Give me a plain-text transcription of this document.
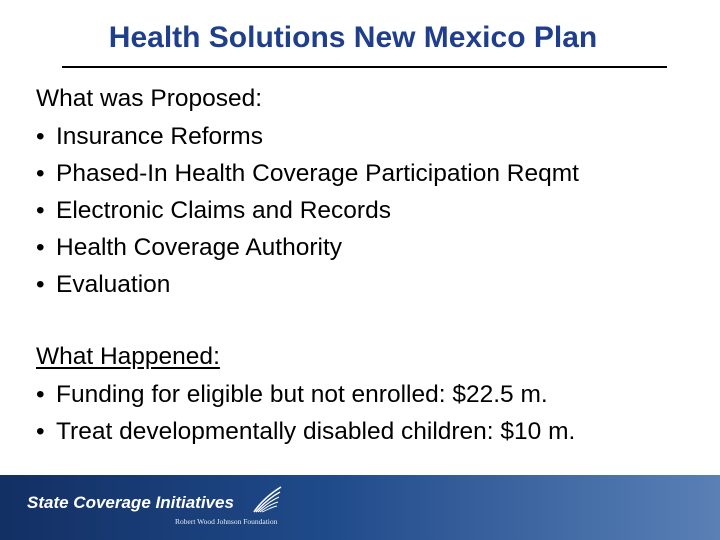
Health Solutions New Mexico Plan
What was Proposed:
• Insurance Reforms
• Phased-In Health Coverage Participation Reqmt
• Electronic Claims and Records
• Health Coverage Authority
• Evaluation
What Happened:
• Funding for eligible but not enrolled: $22.5 m.
• Treat developmentally disabled children: $10 m.
State Coverage Initiatives
Robert Wood Johnson Foundation
